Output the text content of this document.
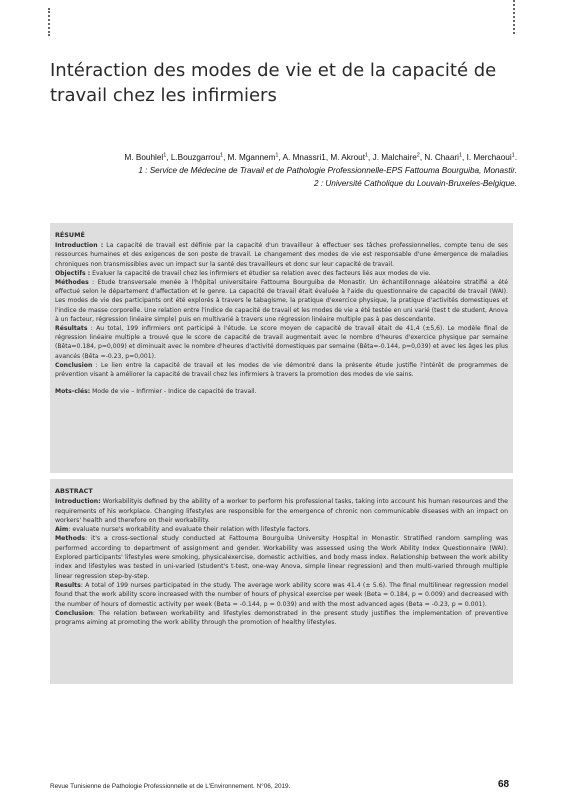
Intéraction des modes de vie et de la capacité de travail chez les infirmiers
M. Bouhlel$^1$, L.Bouzgarrou$^1$, M. Mgannem$^1$, A. Mnassri1, M. Akrout$^1$, J. Malchaire$^2$, N. Chaari$^1$, I. Merchaoui$^1$.
1 : Service de Médecine de Travail et de Pathologie Professionnelle-EPS Fattouma Bourguiba, Monastir.
2 : Université Catholique du Louvain-Bruxeles-Belgique.
RÉSUMÉ

Introduction : La capacité de travail est définie par la capacité d'un travailleur à effectuer ses tâches professionnelles, compte tenu de ses ressources humaines et des exigences de son poste de travail. Le changement des modes de vie est responsable d'une émergence de maladies chroniques non transmissibles avec un impact sur la santé des travailleurs et donc sur leur capacité de travail.

Objectifs : Evaluer la capacité de travail chez les infirmiers et étudier sa relation avec des facteurs liés aux modes de vie.

Méthodes : Etude transversale menée à l'hôpital universitaire Fattouma Bourguiba de Monastir. Un échantillonnage aléatoire stratifié a été effectué selon le département d'affectation et le genre. La capacité de travail était évaluée à l'aide du questionnaire de capacité de travail (WAI). Les modes de vie des participants ont été explorés à travers le tabagisme, la pratique d'exercice physique, la pratique d'activités domestiques et l'indice de masse corporelle. Une relation entre l'indice de capacité de travail et les modes de vie a été testée en uni varié (test t de student, Anova à un facteur, régression linéaire simple) puis en multivarié à travers une régression linéaire multiple pas à pas descendante.

Résultats : Au total, 199 infirmiers ont participé à l'étude. Le score moyen de capacité de travail était de 41,4 (±5,6). Le modèle final de régression linéaire multiple a trouvé que le score de capacité de travail augmentait avec le nombre d'heures d'exercice physique par semaine (Bêta=0.184, p=0,009) et diminuait avec le nombre d'heures d'activité domestiques par semaine (Bêta=-0.144, p=0,039) et avec les âges les plus avancés (Bêta =-0.23, p=0,001).

Conclusion : Le lien entre la capacité de travail et les modes de vie démontré dans la présente étude justifie l'intérêt de programmes de prévention visant à améliorer la capacité de travail chez les infirmiers à travers la promotion des modes de vie sains.

Mots-clés: Mode de vie – Infirmier - Indice de capacité de travail.

ABSTRACT

Introduction: Workabilityis defined by the ability of a worker to perform his professional tasks, taking into account his human resources and the requirements of his workplace. Changing lifestyles are responsible for the emergence of chronic non communicable diseases with an impact on workers' health and therefore on their workability.

Aim: evaluate nurse's workability and evaluate their relation with lifestyle factors.

Methods: it's a cross-sectional study conducted at Fattouma Bourguiba University Hospital in Monastir. Stratified random sampling was performed according to department of assignment and gender. Workability was assessed using the Work Ability Index Questionnaire (WAI). Explored participants' lifestyles were smoking, physicalexercise, domestic activities, and body mass index. Relationship between the work ability index and lifestyles was tested in uni-varied (student's t-test, one-way Anova, simple linear regression) and then multi-varied through multiple linear regression step-by-step.

Results: A total of 199 nurses participated in the study. The average work ability score was 41.4 (± 5.6). The final multilinear regression model found that the work ability score increased with the number of hours of physical exercise per week (Beta = 0.184, p = 0.009) and decreased with the number of hours of domestic activity per week (Beta = -0.144, p = 0.039) and with the most advanced ages (Beta = -0.23, p = 0.001).

Conclusion: The relation between workability and lifestyles demonstrated in the present study justifies the implementation of preventive programs aiming at promoting the work ability through the promotion of healthy lifestyles.

Revue Tunisienne de Pathologie Professionnelle et de L'Environnement. N°06, 2019.	68
